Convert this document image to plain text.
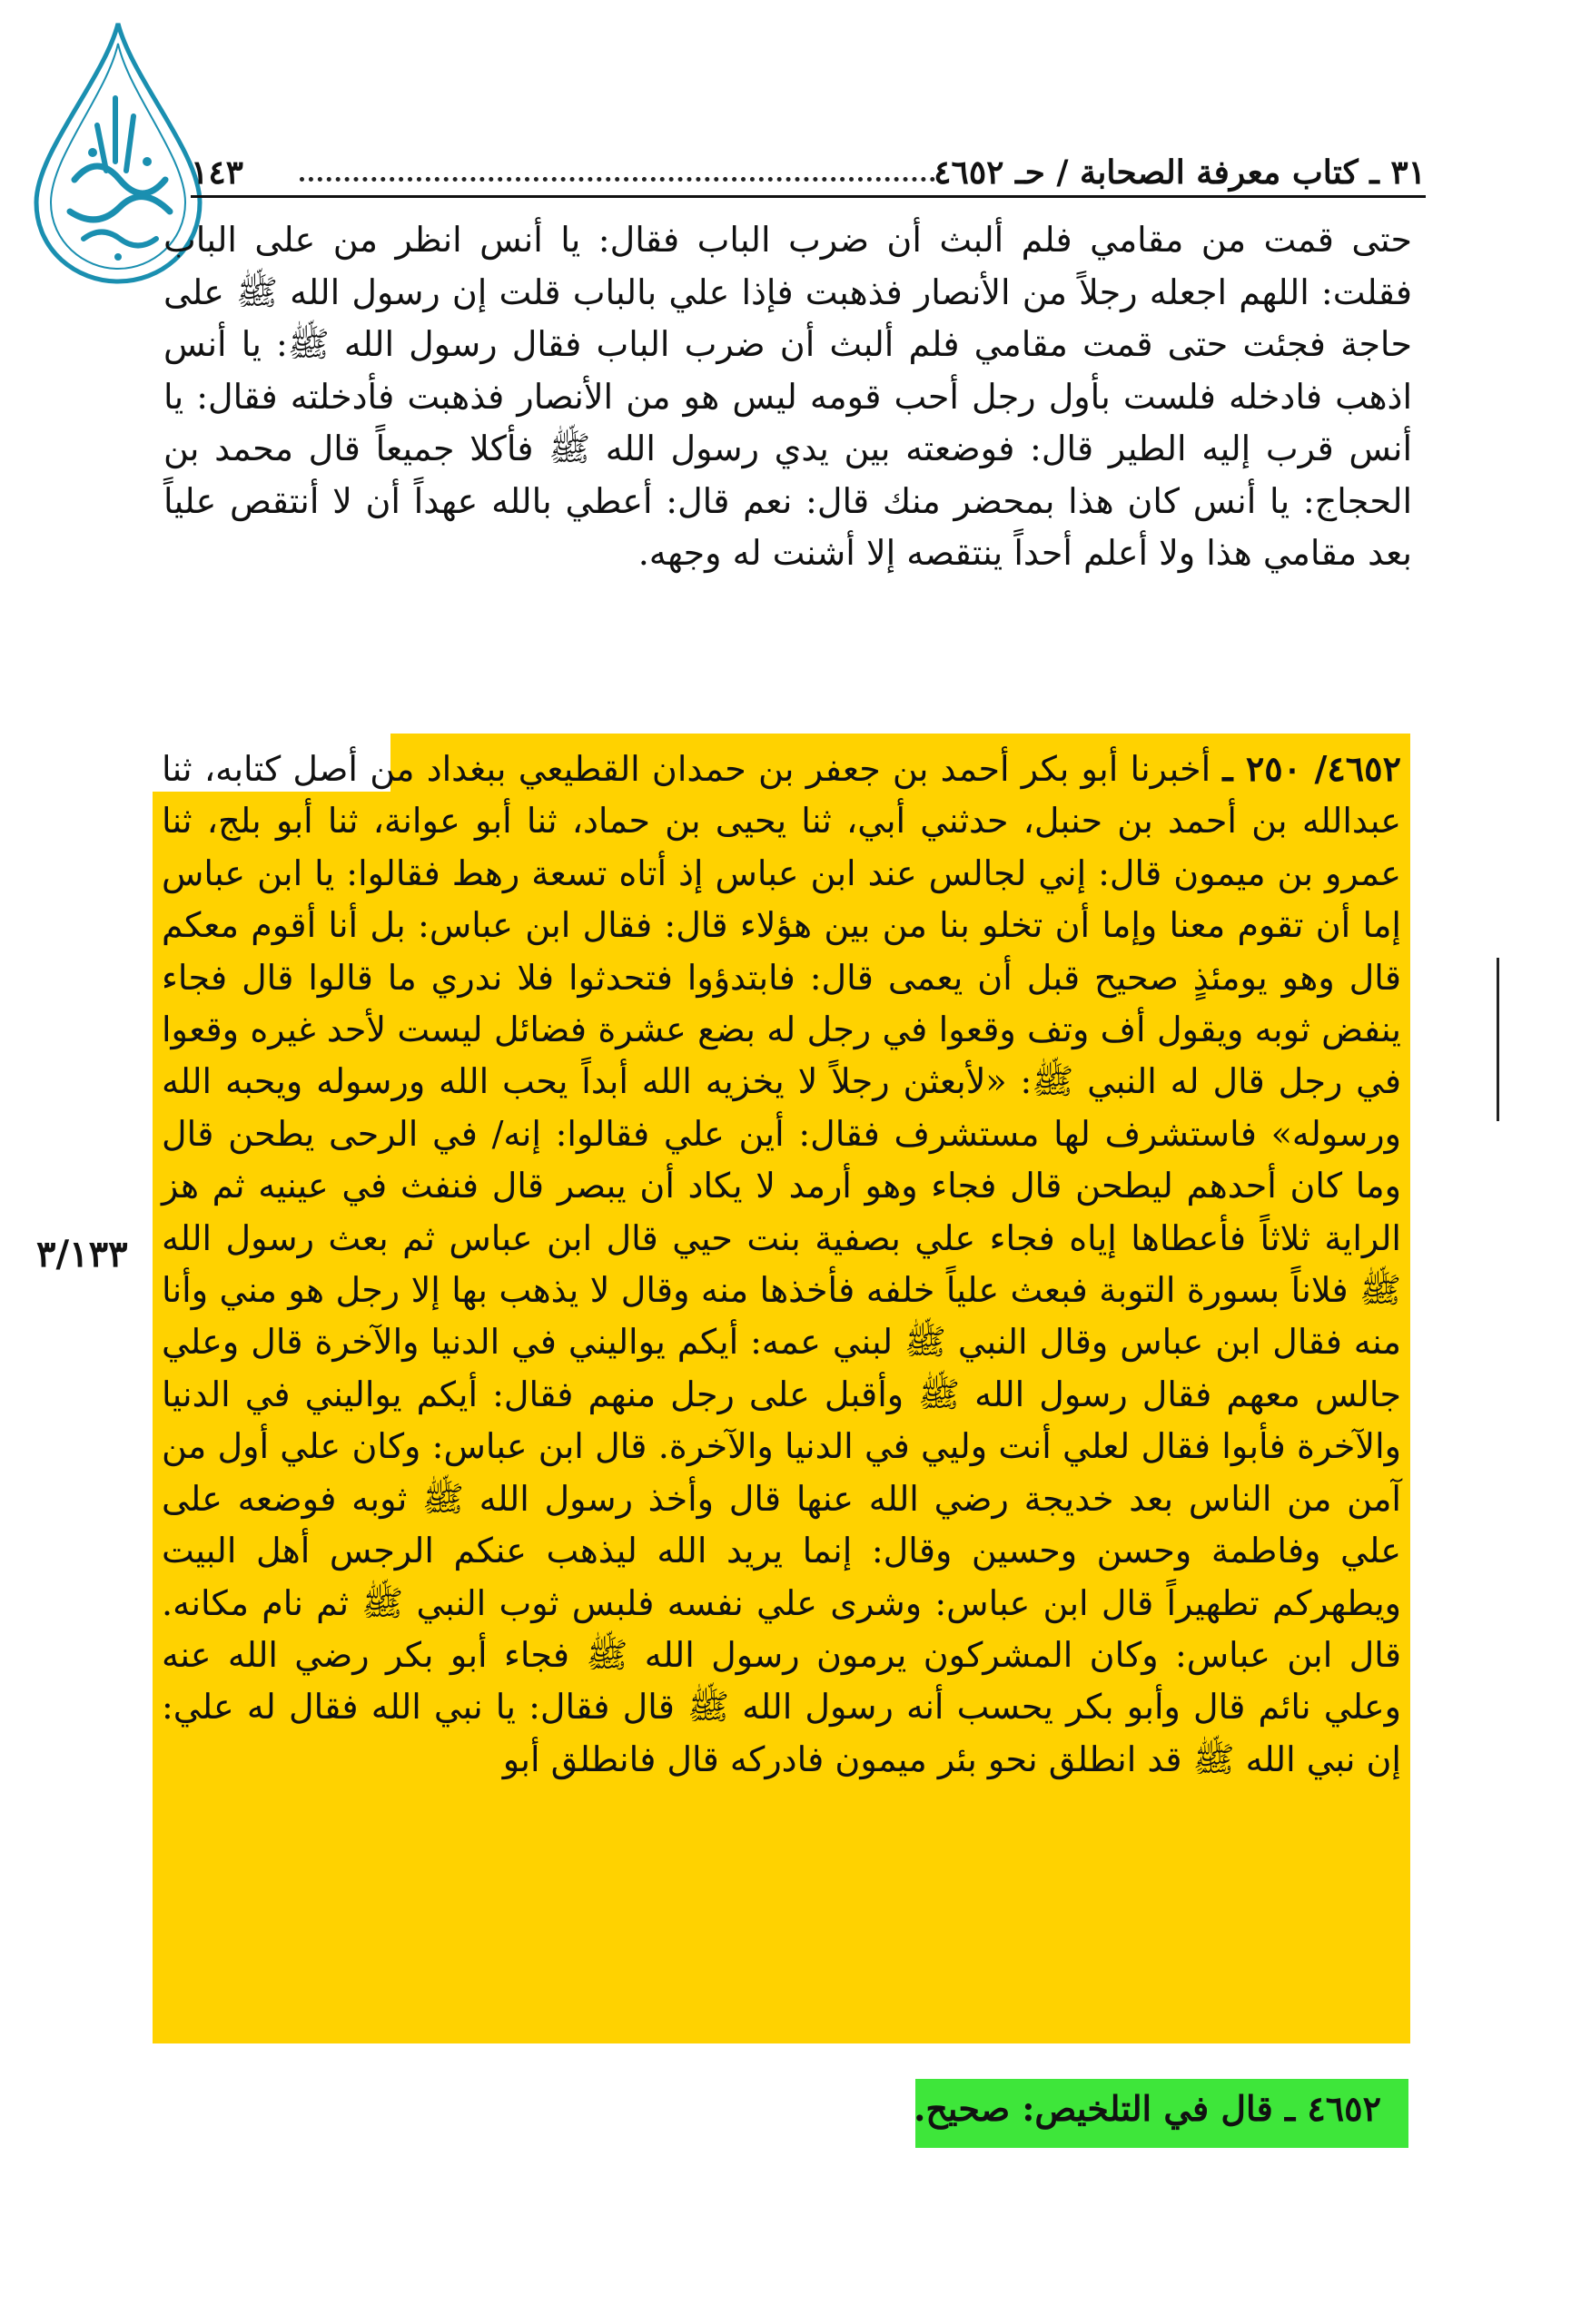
٣١ ـ كتاب معرفة الصحابة / حـ ٤٦٥٢
١٤٣
حتى قمت من مقامي فلم ألبث أن ضرب الباب فقال: يا أنس انظر من على الباب فقلت: اللهم اجعله رجلاً من الأنصار فذهبت فإذا علي بالباب قلت إن رسول الله ﷺ على حاجة فجئت حتى قمت مقامي فلم ألبث أن ضرب الباب فقال رسول الله ﷺ: يا أنس اذهب فادخله فلست بأول رجل أحب قومه ليس هو من الأنصار فذهبت فأدخلته فقال: يا أنس قرب إليه الطير قال: فوضعته بين يدي رسول الله ﷺ فأكلا جميعاً قال محمد بن الحجاج: يا أنس كان هذا بمحضر منك قال: نعم قال: أعطي بالله عهداً أن لا أنتقص علياً بعد مقامي هذا ولا أعلم أحداً ينتقصه إلا أشنت له وجهه.
٤٦٥٢/ ٢٥٠ ـ أخبرنا أبو بكر أحمد بن جعفر بن حمدان القطيعي ببغداد من أصل كتابه، ثنا عبدالله بن أحمد بن حنبل، حدثني أبي، ثنا يحيى بن حماد، ثنا أبو عوانة، ثنا أبو بلج، ثنا عمرو بن ميمون قال: إني لجالس عند ابن عباس إذ أتاه تسعة رهط فقالوا: يا ابن عباس إما أن تقوم معنا وإما أن تخلو بنا من بين هؤلاء قال: فقال ابن عباس: بل أنا أقوم معكم قال وهو يومئذٍ صحيح قبل أن يعمى قال: فابتدؤوا فتحدثوا فلا ندري ما قالوا قال فجاء ينفض ثوبه ويقول أف وتف وقعوا في رجل له بضع عشرة فضائل ليست لأحد غيره وقعوا في رجل قال له النبي ﷺ: «لأبعثن رجلاً لا يخزيه الله أبداً يحب الله ورسوله ويحبه الله ورسوله» فاستشرف لها مستشرف فقال: أين علي فقالوا: إنه/ في الرحى يطحن قال وما كان أحدهم ليطحن قال فجاء وهو أرمد لا يكاد أن يبصر قال فنفث في عينيه ثم هز الراية ثلاثاً فأعطاها إياه فجاء علي بصفية بنت حيي قال ابن عباس ثم بعث رسول الله ﷺ فلاناً بسورة التوبة فبعث علياً خلفه فأخذها منه وقال لا يذهب بها إلا رجل هو مني وأنا منه فقال ابن عباس وقال النبي ﷺ لبني عمه: أيكم يواليني في الدنيا والآخرة قال وعلي جالس معهم فقال رسول الله ﷺ وأقبل على رجل منهم فقال: أيكم يواليني في الدنيا والآخرة فأبوا فقال لعلي أنت وليي في الدنيا والآخرة. قال ابن عباس: وكان علي أول من آمن من الناس بعد خديجة رضي الله عنها قال وأخذ رسول الله ﷺ ثوبه فوضعه على علي وفاطمة وحسن وحسين وقال: إنما يريد الله ليذهب عنكم الرجس أهل البيت ويطهركم تطهيراً قال ابن عباس: وشرى علي نفسه فلبس ثوب النبي ﷺ ثم نام مكانه. قال ابن عباس: وكان المشركون يرمون رسول الله ﷺ فجاء أبو بكر رضي الله عنه وعلي نائم قال وأبو بكر يحسب أنه رسول الله ﷺ قال فقال: يا نبي الله فقال له علي: إن نبي الله ﷺ قد انطلق نحو بئر ميمون فادركه قال فانطلق أبو
٣/١٣٣
٤٦٥٢ ـ قال في التلخيص: صحيح.
